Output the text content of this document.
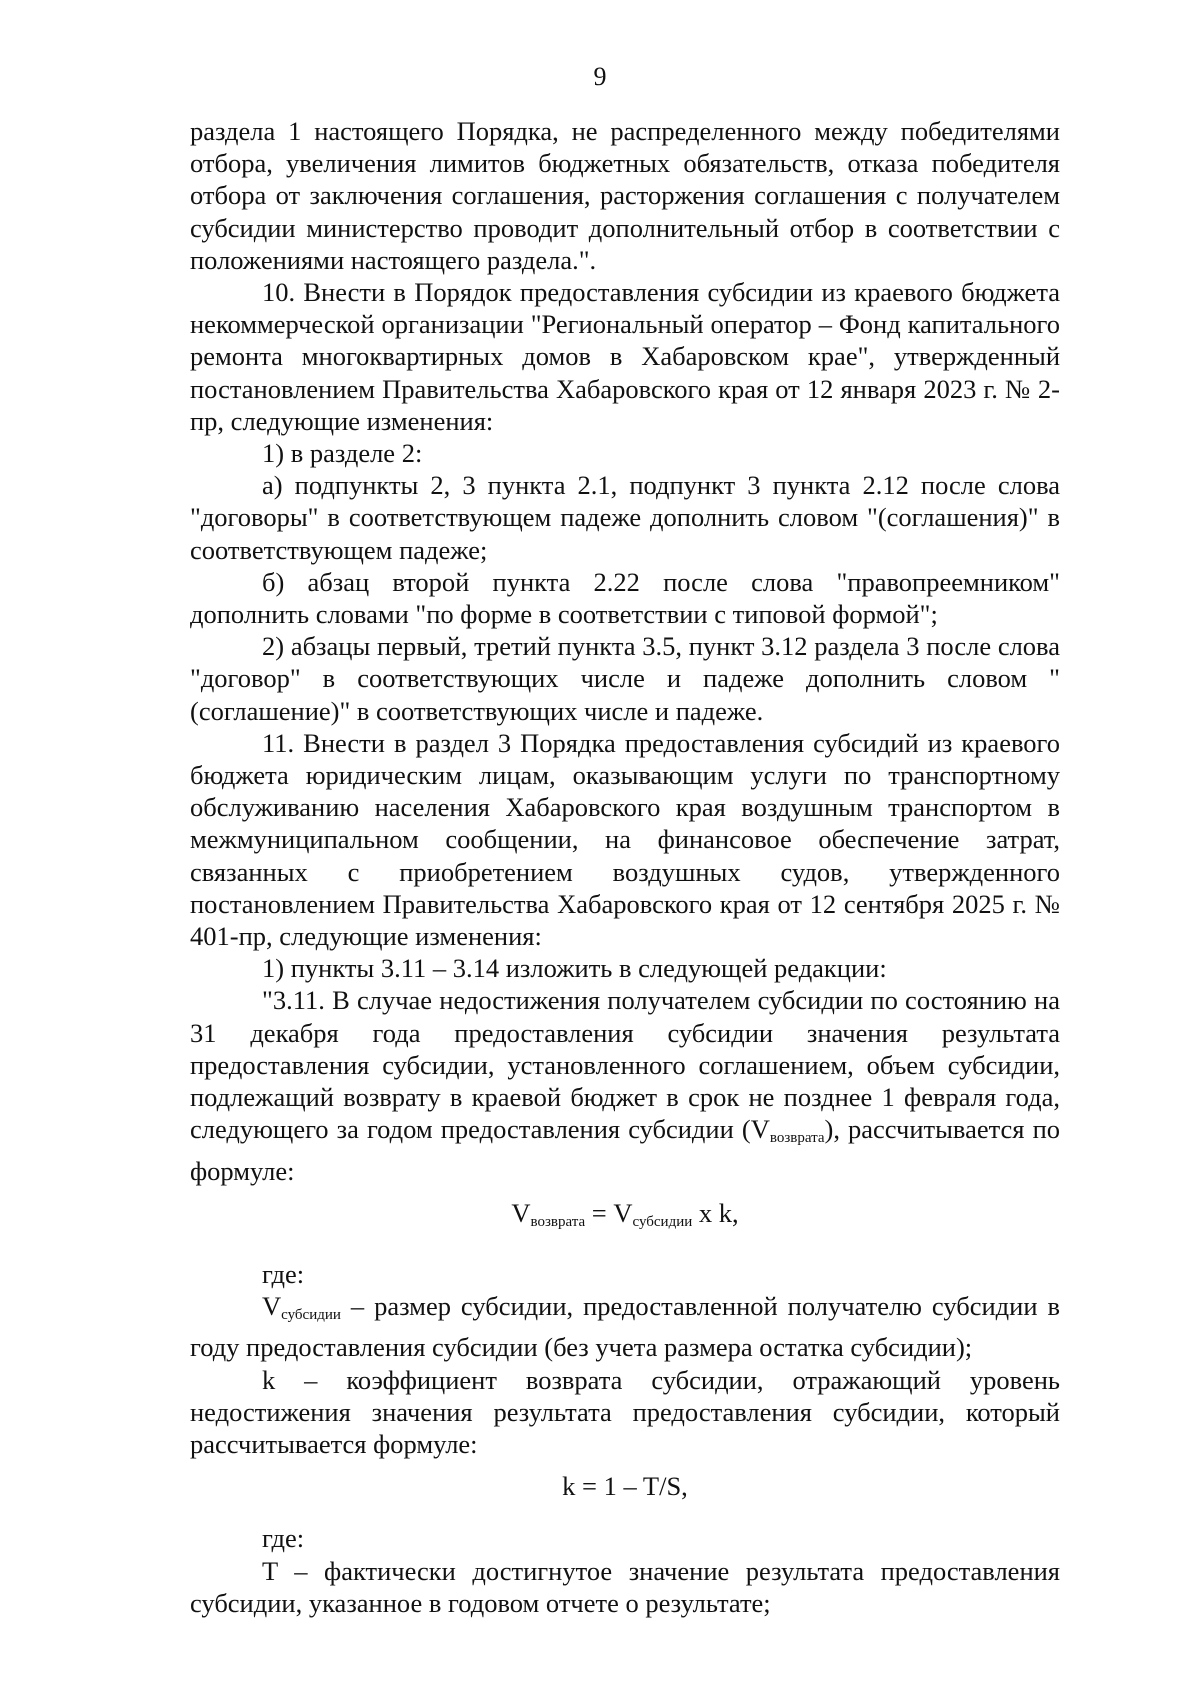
9

раздела 1 настоящего Порядка, не распределенного между победителями отбора, увеличения лимитов бюджетных обязательств, отказа победителя отбора от заключения соглашения, расторжения соглашения с получателем субсидии министерство проводит дополнительный отбор в соответствии с положениями настоящего раздела.".

10. Внести в Порядок предоставления субсидии из краевого бюджета некоммерческой организации "Региональный оператор – Фонд капитального ремонта многоквартирных домов в Хабаровском крае", утвержденный постановлением Правительства Хабаровского края от 12 января 2023 г. № 2-пр, следующие изменения:

1) в разделе 2:

а) подпункты 2, 3 пункта 2.1, подпункт 3 пункта 2.12 после слова "договоры" в соответствующем падеже дополнить словом "(соглашения)" в соответствующем падеже;

б) абзац второй пункта 2.22 после слова "правопреемником" дополнить словами "по форме в соответствии с типовой формой";

2) абзацы первый, третий пункта 3.5, пункт 3.12 раздела 3 после слова "договор" в соответствующих числе и падеже дополнить словом "(соглашение)" в соответствующих числе и падеже.

11. Внести в раздел 3 Порядка предоставления субсидий из краевого бюджета юридическим лицам, оказывающим услуги по транспортному обслуживанию населения Хабаровского края воздушным транспортом в межмуниципальном сообщении, на финансовое обеспечение затрат, связанных с приобретением воздушных судов, утвержденного постановлением Правительства Хабаровского края от 12 сентября 2025 г. № 401-пр, следующие изменения:

1) пункты 3.11 – 3.14 изложить в следующей редакции:

"3.11. В случае недостижения получателем субсидии по состоянию на 31 декабря года предоставления субсидии значения результата предоставления субсидии, установленного соглашением, объем субсидии, подлежащий возврату в краевой бюджет в срок не позднее 1 февраля года, следующего за годом предоставления субсидии $(V_{возврата})$, рассчитывается по формуле:

$V_{возврата} = V_{субсидии}$ x k,

где:

$V_{субсидии}$ – размер субсидии, предоставленной получателю субсидии в году предоставления субсидии (без учета размера остатка субсидии);

k – коэффициент возврата субсидии, отражающий уровень недостижения значения результата предоставления субсидии, который рассчитывается формуле:

k = 1 – T/S,

где:

T – фактически достигнутое значение результата предоставления субсидии, указанное в годовом отчете о результате;
